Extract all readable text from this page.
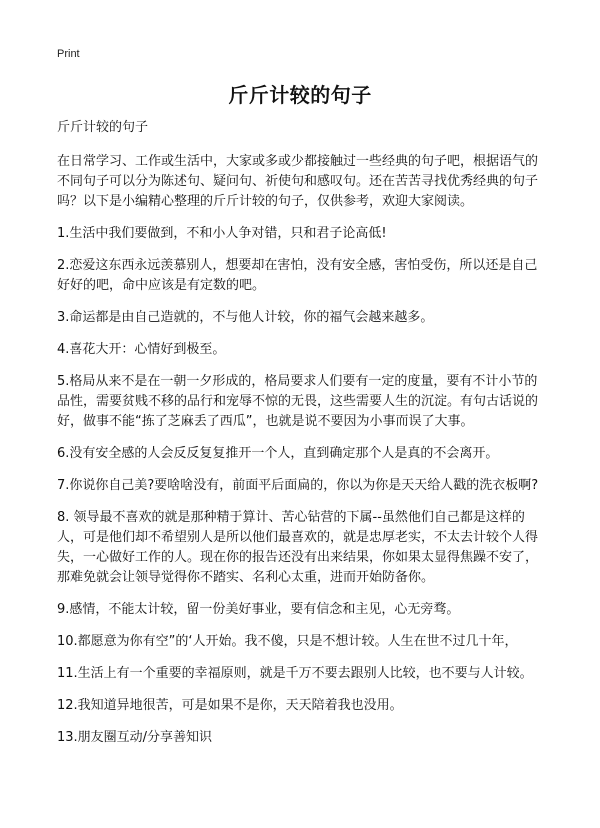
Print
斤斤计较的句子

斤斤计较的句子

在日常学习、工作或生活中，大家或多或少都接触过一些经典的句子吧，根据语气的不同句子可以分为陈述句、疑问句、祈使句和感叹句。还在苦苦寻找优秀经典的句子吗？以下是小编精心整理的斤斤计较的句子，仅供参考，欢迎大家阅读。

1.生活中我们要做到，不和小人争对错，只和君子论高低!

2.恋爱这东西永远羡慕别人，想要却在害怕，没有安全感，害怕受伤，所以还是自己好好的吧，命中应该是有定数的吧。

3.命运都是由自己造就的，不与他人计较，你的福气会越来越多。

4.喜花大开：心情好到极至。

5.格局从来不是在一朝一夕形成的，格局要求人们要有一定的度量，要有不计小节的品性，需要贫贱不移的品行和宠辱不惊的无畏，这些需要人生的沉淀。有句古话说的好，做事不能“拣了芝麻丢了西瓜”，也就是说不要因为小事而误了大事。

6.没有安全感的人会反反复复推开一个人，直到确定那个人是真的不会离开。

7.你说你自己美?要啥啥没有，前面平后面扁的，你以为你是天天给人戳的洗衣板啊?

8. 领导最不喜欢的就是那种精于算计、苦心钻营的下属--虽然他们自己都是这样的人，可是他们却不希望别人是所以他们最喜欢的，就是忠厚老实，不太去计较个人得失，一心做好工作的人。现在你的报告还没有出来结果，你如果太显得焦躁不安了，那难免就会让领导觉得你不踏实、名利心太重，进而开始防备你。

9.感情，不能太计较，留一份美好事业，要有信念和主见，心无旁骛。

10.都愿意为你有空”的‘人开始。我不傻，只是不想计较。人生在世不过几十年，

11.生活上有一个重要的幸福原则，就是千万不要去跟别人比较，也不要与人计较。

12.我知道异地很苦，可是如果不是你，天天陪着我也没用。

13.朋友圈互动/分享善知识
